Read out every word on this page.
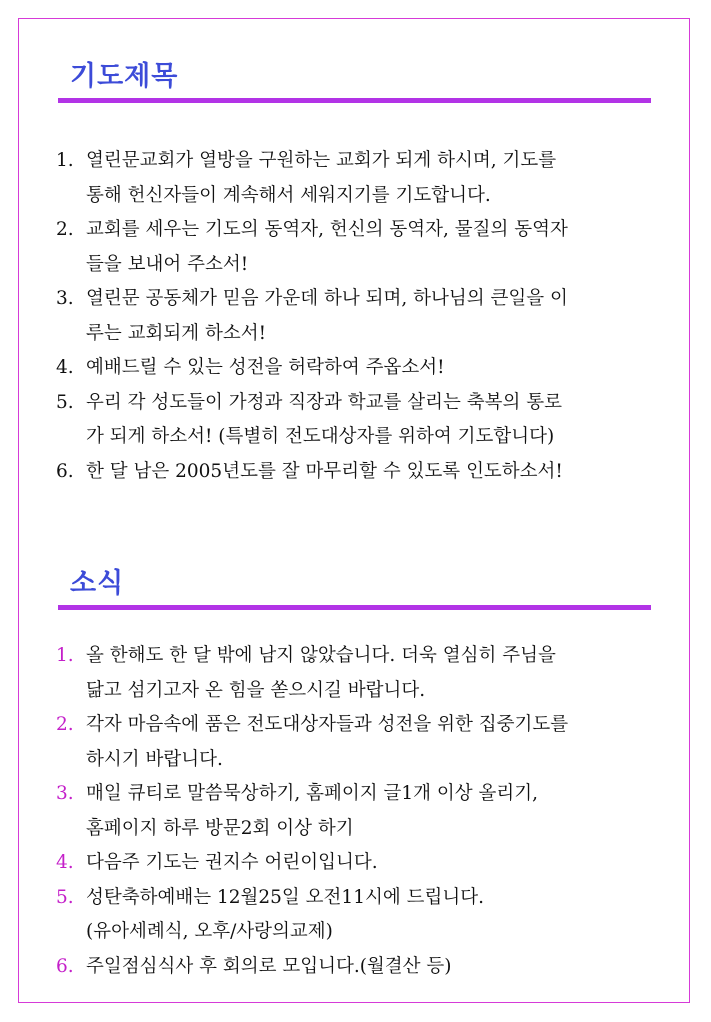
기도제목
1. 열린문교회가 열방을 구원하는 교회가 되게 하시며, 기도를
통해 헌신자들이 계속해서 세워지기를 기도합니다.
2. 교회를 세우는 기도의 동역자, 헌신의 동역자, 물질의 동역자
들을 보내어 주소서!
3. 열린문 공동체가 믿음 가운데 하나 되며, 하나님의 큰일을 이
루는 교회되게 하소서!
4. 예배드릴 수 있는 성전을 허락하여 주옵소서!
5. 우리 각 성도들이 가정과 직장과 학교를 살리는 축복의 통로
가 되게 하소서! (특별히 전도대상자를 위하여 기도합니다)
6. 한 달 남은 2005년도를 잘 마무리할 수 있도록 인도하소서!
소식
1. 올 한해도 한 달 밖에 남지 않았습니다. 더욱 열심히 주님을
닮고 섬기고자 온 힘을 쏟으시길 바랍니다.
2. 각자 마음속에 품은 전도대상자들과 성전을 위한 집중기도를
하시기 바랍니다.
3. 매일 큐티로 말씀묵상하기, 홈페이지 글1개 이상 올리기,
홈페이지 하루 방문2회 이상 하기
4. 다음주 기도는 권지수 어린이입니다.
5. 성탄축하예배는 12월25일 오전11시에 드립니다.
(유아세례식, 오후/사랑의교제)
6. 주일점심식사 후 회의로 모입니다.(월결산 등)
